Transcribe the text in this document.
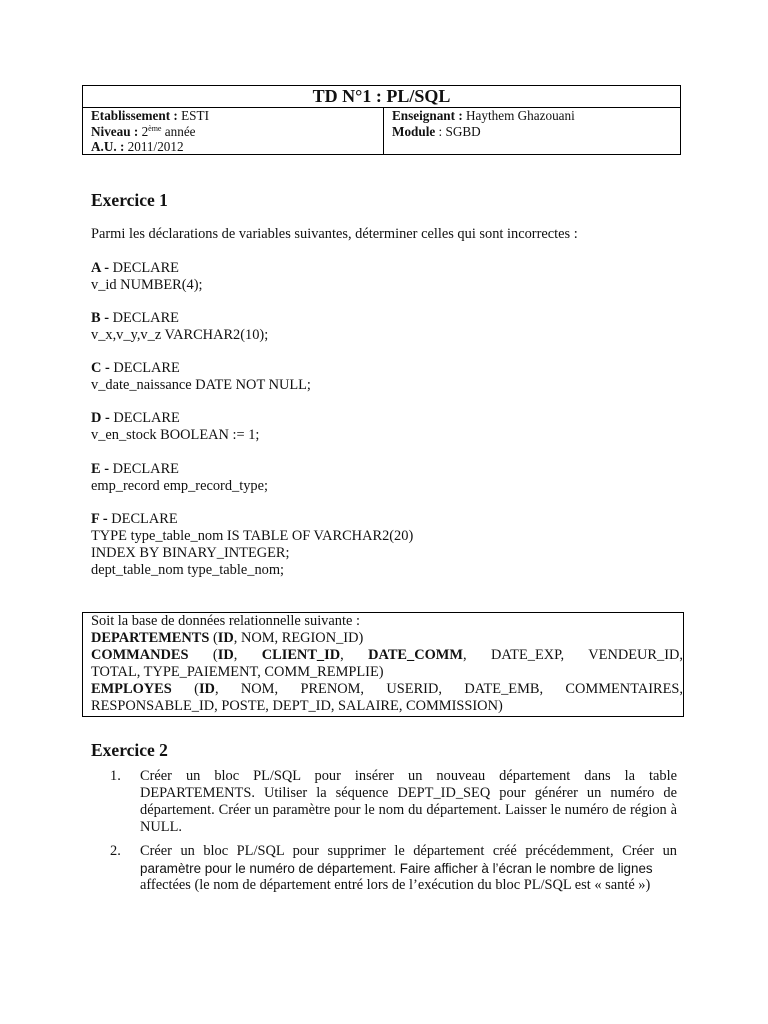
TD N°1 : PL/SQL
Etablissement : ESTI
Niveau : 2ème année
A.U. : 2011/2012
Enseignant : Haythem Ghazouani
Module : SGBD
Exercice 1

Parmi les déclarations de variables suivantes, déterminer celles qui sont incorrectes :

A - DECLARE

v_id NUMBER(4);

B - DECLARE

v_x,v_y,v_z VARCHAR2(10);

C - DECLARE

v_date_naissance DATE NOT NULL;

D - DECLARE

v_en_stock BOOLEAN := 1;

E - DECLARE

emp_record emp_record_type;

F - DECLARE

TYPE type_table_nom IS TABLE OF VARCHAR2(20)

INDEX BY BINARY_INTEGER;

dept_table_nom type_table_nom;

Soit la base de données relationnelle suivante :

DEPARTEMENTS (ID, NOM, REGION_ID)

COMMANDES (ID, CLIENT_ID, DATE_COMM, DATE_EXP, VENDEUR_ID,

TOTAL, TYPE_PAIEMENT, COMM_REMPLIE)

EMPLOYES (ID, NOM, PRENOM, USERID, DATE_EMB, COMMENTAIRES,

RESPONSABLE_ID, POSTE, DEPT_ID, SALAIRE, COMMISSION)

Exercice 2
1. Créer un bloc PL/SQL pour insérer un nouveau département dans la table DEPARTEMENTS. Utiliser la séquence DEPT_ID_SEQ pour générer un numéro de département. Créer un paramètre pour le nom du département. Laisser le numéro de région à NULL.
2. Créer un bloc PL/SQL pour supprimer le département créé précédemment, Créer un
paramètre pour le numéro de département. Faire afficher à l’écran le nombre de lignes
affectées (le nom de département entré lors de l’exécution du bloc PL/SQL est « santé »)
